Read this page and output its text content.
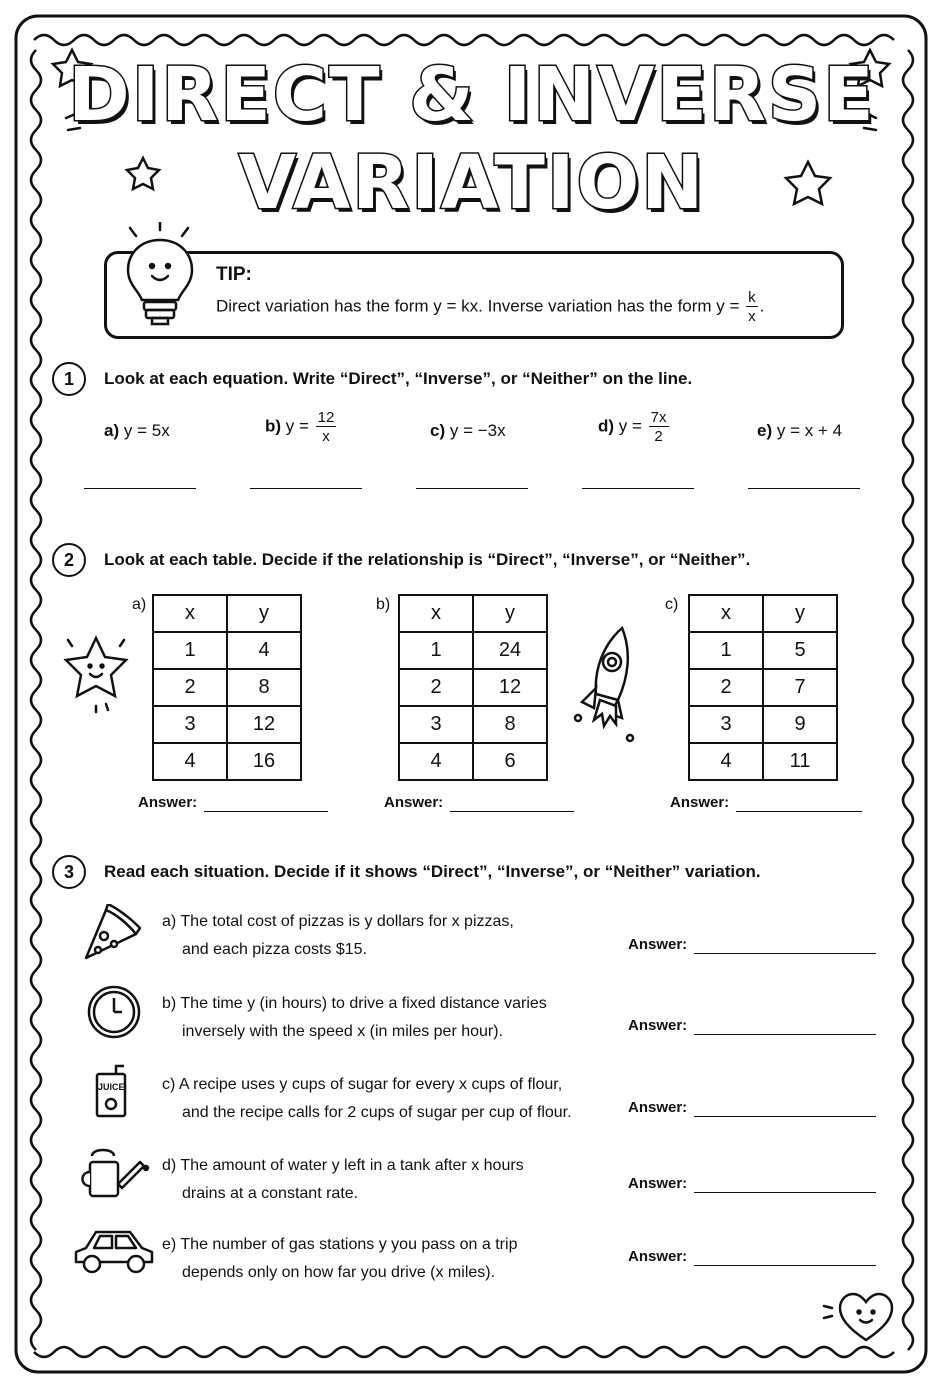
DIRECT & INVERSE
VARIATION
TIP:
Direct variation has the form y = kx. Inverse variation has the form $y = \frac{k}{x}$ .
1	Look at each equation. Write “Direct”, “Inverse”, or “Neither” on the line.
a) y = 5x	b) $y = \frac{12}{x}$	c) y = −3x	d) $y = \frac{7x}{2}$	e) y = x + 4
2	Look at each table. Decide if the relationship is “Direct”, “Inverse”, or “Neither”.
a) x	y
1	4
2	8
3	12
4	16
b) x	y
1	24
2	12
3	8
4	6
c) x	y
1	5
2	7
3	9
4	11
Answer:	Answer:	Answer:
3	Read each situation. Decide if it shows “Direct”, “Inverse”, or “Neither” variation.
JUICE
a) The total cost of pizzas is y dollars for x pizzas,
and each pizza costs $15.
b) The time y (in hours) to drive a fixed distance varies
inversely with the speed x (in miles per hour).
c) A recipe uses y cups of sugar for every x cups of flour,
and the recipe calls for 2 cups of sugar per cup of flour.
d) The amount of water y left in a tank after x hours
drains at a constant rate.
e) The number of gas stations y you pass on a trip
depends only on how far you drive (x miles).
Answer:
Answer:
Answer:
Answer:
Answer:
